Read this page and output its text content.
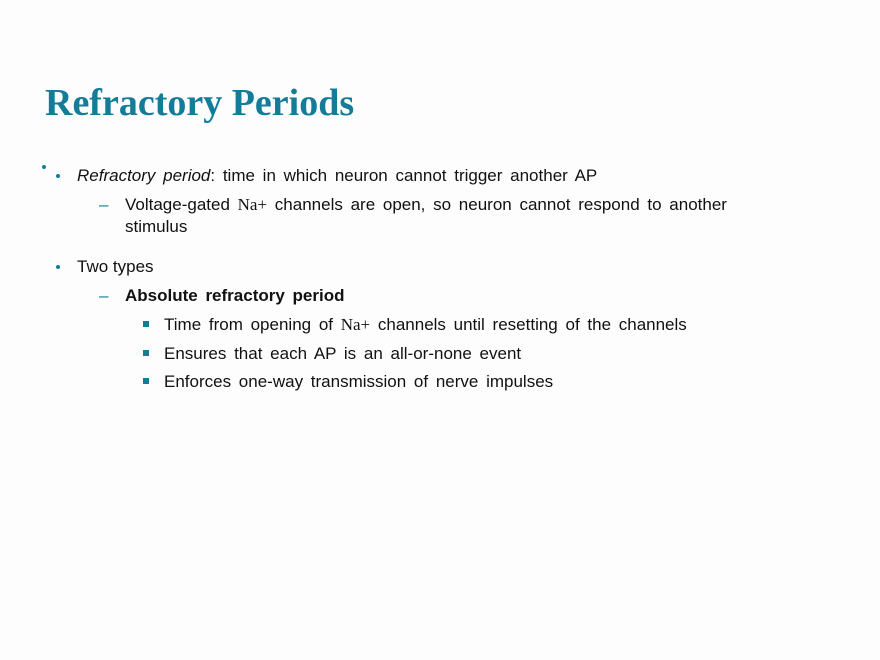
Refractory Periods
Refractory period: time in which neuron cannot trigger another AP
– Voltage-gated Na+ channels are open, so neuron cannot respond to another
stimulus
Two types
– Absolute refractory period
Time from opening of Na+ channels until resetting of the channels
Ensures that each AP is an all-or-none event
Enforces one-way transmission of nerve impulses
